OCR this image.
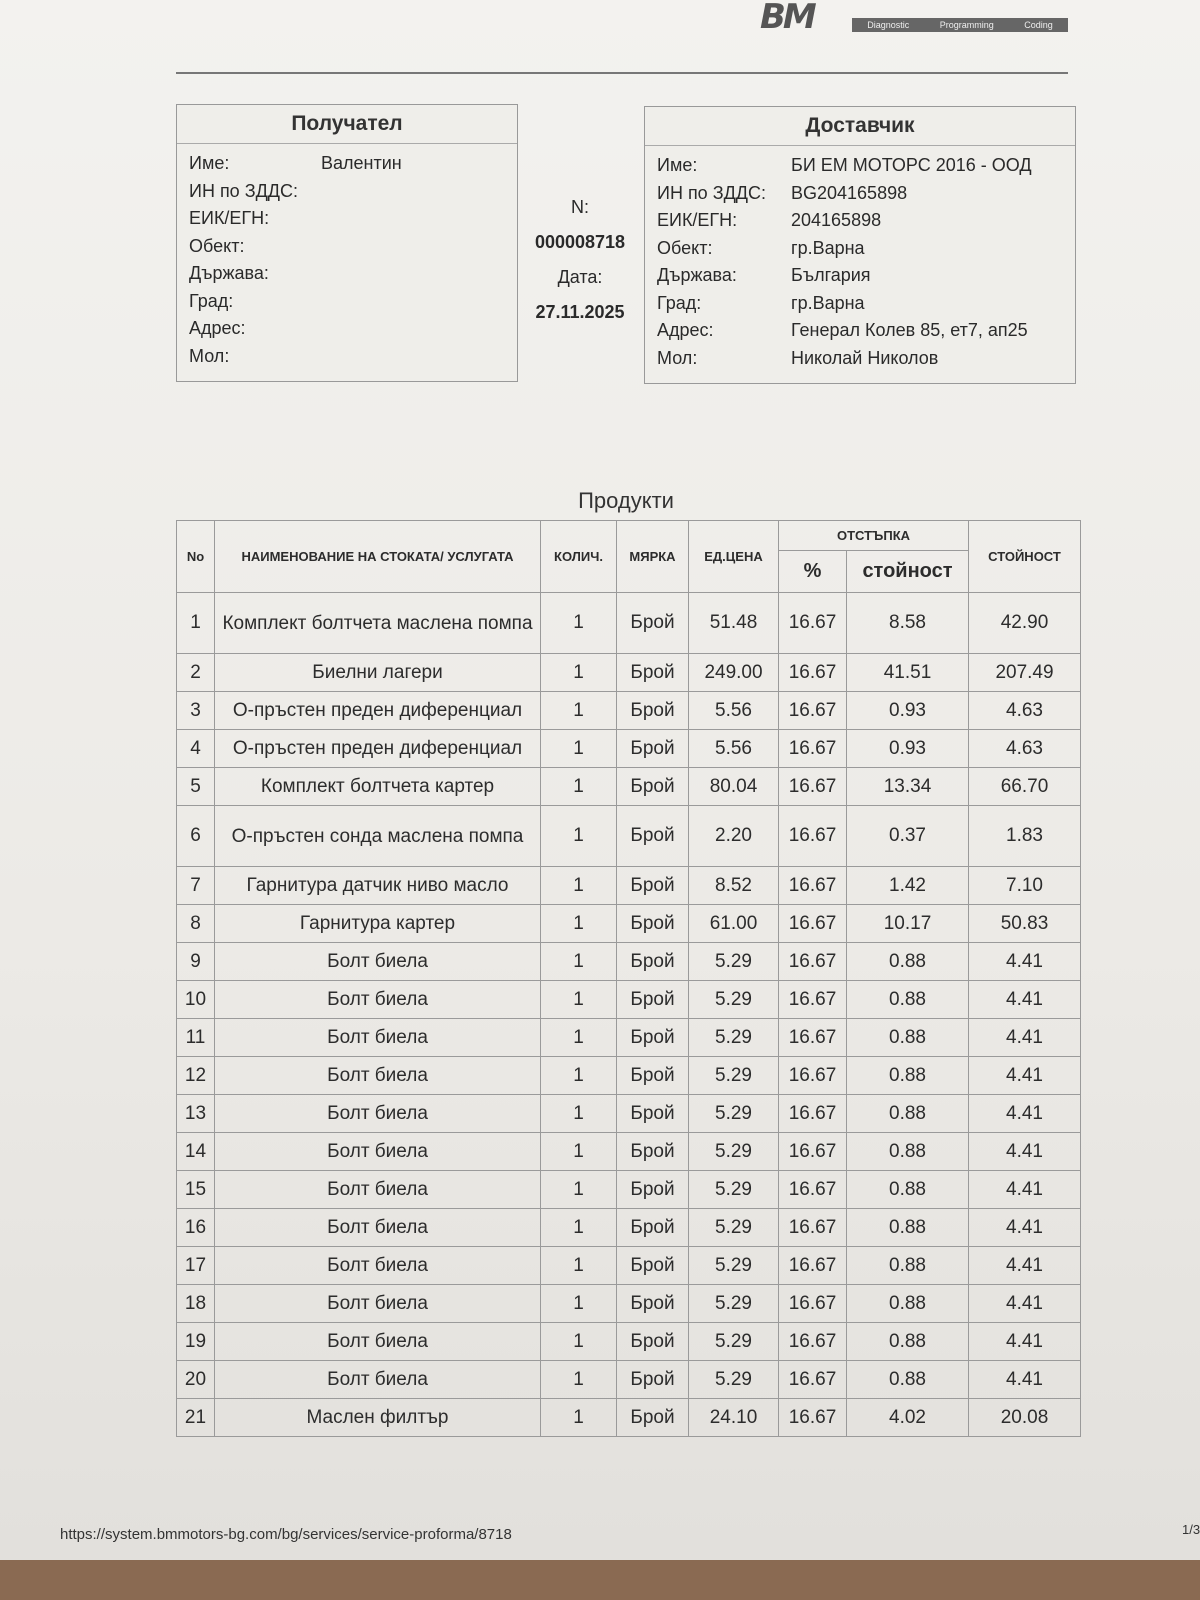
BM	Diagnostic	Programming	Coding
Получател
Име:	Валентин
ИН по ЗДДС:
ЕИК/ЕГН:
Обект:
Държава:
Град:
Адрес:
Мол:
N:
000008718
Дата:
27.11.2025
Доставчик
Име:	БИ ЕМ МОТОРС 2016 - ООД
ИН по ЗДДС: BG204165898
ЕИК/ЕГН:	204165898
Обект:	гр.Варна
Държава:	България
Град:	гр.Варна
Адрес:	Генерал Колев 85, ет7, ап25
Мол:	Николай Николов
Продукти
No	НАИМЕНОВАНИЕ НА СТОКАТА/ УСЛУГАТА	КОЛИЧ.	МЯРКА	ЕД.ЦЕНА	ОТСТЪПКА		СТОЙНОСТ
					%	стойност	
1	Комплект болтчета маслена помпа	1	Брой	51.48	16.67	8.58	42.90
2	Биелни лагери	1	Брой	249.00	16.67	41.51	207.49
3	О-пръстен преден диференциал	1	Брой	5.56	16.67	0.93	4.63
4	О-пръстен преден диференциал	1	Брой	5.56	16.67	0.93	4.63
5	Комплект болтчета картер	1	Брой	80.04	16.67	13.34	66.70
6	О-пръстен сонда маслена помпа	1	Брой	2.20	16.67	0.37	1.83
7	Гарнитура датчик ниво масло	1	Брой	8.52	16.67	1.42	7.10
8	Гарнитура картер	1	Брой	61.00	16.67	10.17	50.83
9	Болт биела	1	Брой	5.29	16.67	0.88	4.41
10	Болт биела	1	Брой	5.29	16.67	0.88	4.41
11	Болт биела	1	Брой	5.29	16.67	0.88	4.41
12	Болт биела	1	Брой	5.29	16.67	0.88	4.41
13	Болт биела	1	Брой	5.29	16.67	0.88	4.41
14	Болт биела	1	Брой	5.29	16.67	0.88	4.41
15	Болт биела	1	Брой	5.29	16.67	0.88	4.41
16	Болт биела	1	Брой	5.29	16.67	0.88	4.41
17	Болт биела	1	Брой	5.29	16.67	0.88	4.41
18	Болт биела	1	Брой	5.29	16.67	0.88	4.41
19	Болт биела	1	Брой	5.29	16.67	0.88	4.41
20	Болт биела	1	Брой	5.29	16.67	0.88	4.41
21	Маслен филтър	1	Брой	24.10	16.67	4.02	20.08
https://system.bmmotors-bg.com/bg/services/service-proforma/8718	1/3
